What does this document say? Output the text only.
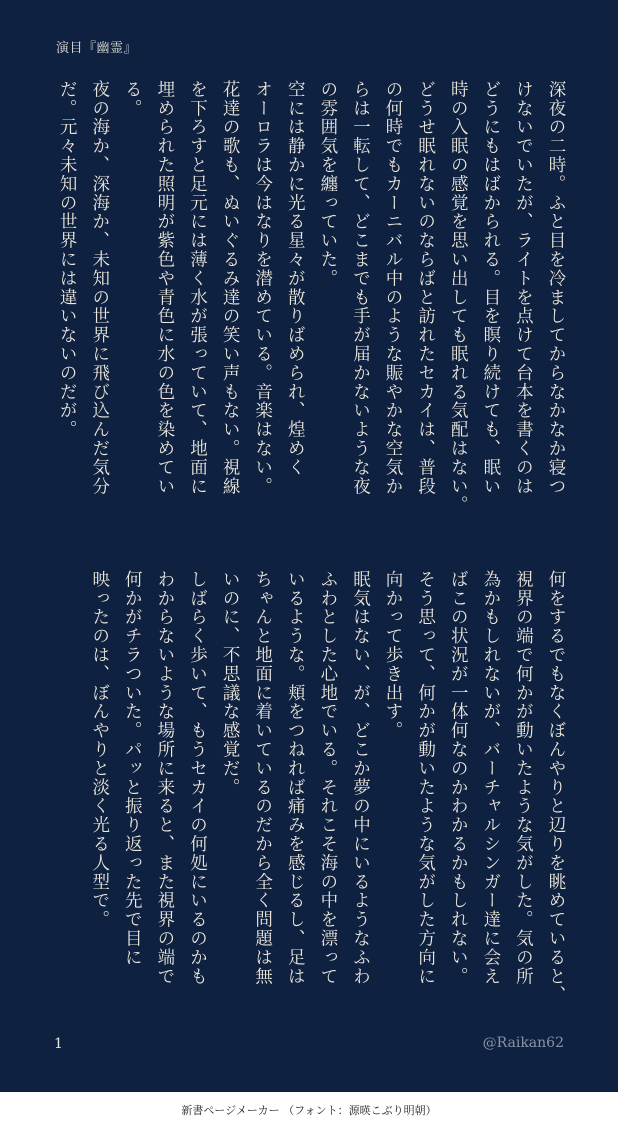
演目『幽霊』

深夜の二時。ふと目を冷ましてからなかなか寝つ

けないでいたが、ライトを点けて台本を書くのは

どうにもはばかられる。目を瞑り続けても、眠い

時の入眠の感覚を思い出しても眠れる気配はない。

どうせ眠れないのならばと訪れたセカイは、普段

の何時でもカーニバル中のような賑やかな空気か

らは一転して、どこまでも手が届かないような夜

の雰囲気を纏っていた。

空には静かに光る星々が散りばめられ、煌めく

オーロラは今はなりを潜めている。音楽はない。

花達の歌も、ぬいぐるみ達の笑い声もない。視線

を下ろすと足元には薄く水が張っていて、地面に

埋められた照明が紫色や青色に水の色を染めてい

る。

夜の海か、深海か、未知の世界に飛び込んだ気分

だ。元々未知の世界には違いないのだが。

何をするでもなくぼんやりと辺りを眺めていると、

視界の端で何かが動いたような気がした。気の所

為かもしれないが、バーチャルシンガー達に会え

ばこの状況が一体何なのかわかるかもしれない。

そう思って、何かが動いたような気がした方向に

向かって歩き出す。

眠気はない、が、どこか夢の中にいるようなふわ

ふわとした心地でいる。それこそ海の中を漂って

いるような。頬をつねれば痛みを感じるし、足は

ちゃんと地面に着いているのだから全く問題は無

いのに、不思議な感覚だ。

しばらく歩いて、もうセカイの何処にいるのかも

わからないような場所に来ると、また視界の端で

何かがチラついた。パッと振り返った先で目に

映ったのは、ぼんやりと淡く光る人型で。

1	@Raikan62
新書ページメーカー （フォント：源暎こぶり明朝）
